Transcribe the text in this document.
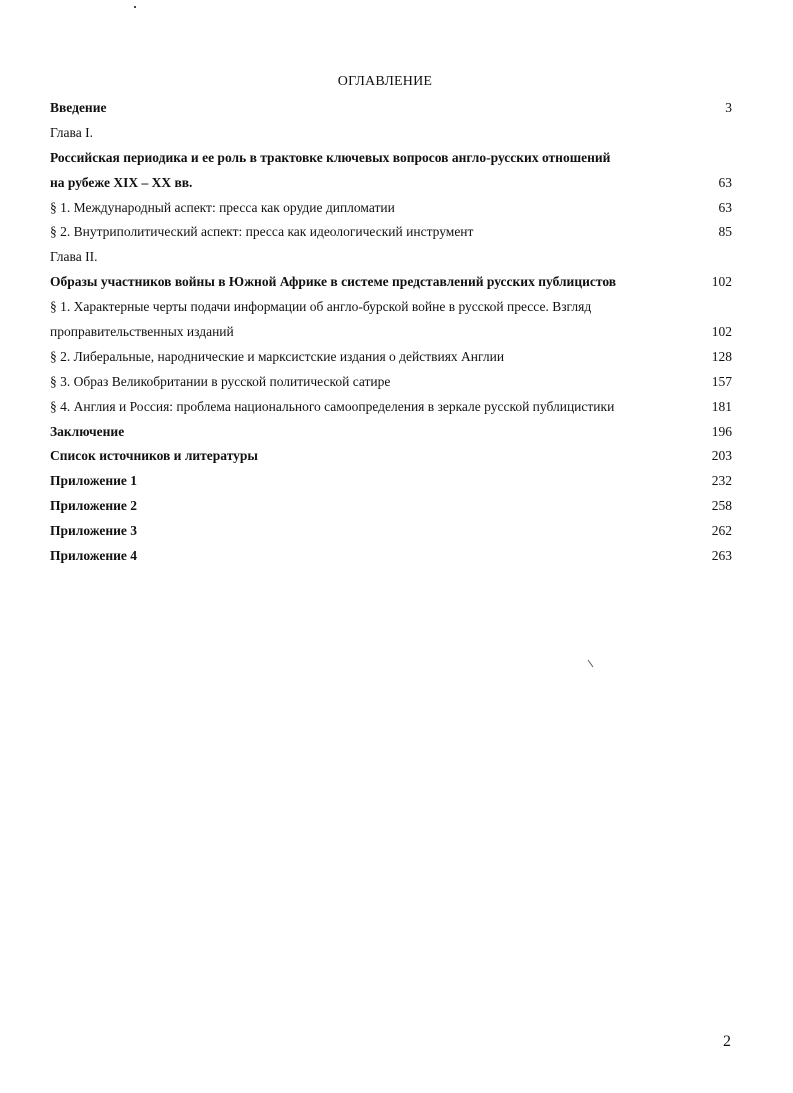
ОГЛАВЛЕНИЕ
Введение	3
Глава I.
Российская периодика и ее роль в трактовке ключевых вопросов англо-русских отношений
на рубеже XIX – XX вв.	63
§ 1. Международный аспект: пресса как орудие дипломатии	63
§ 2. Внутриполитический аспект: пресса как идеологический инструмент	85
Глава II.
Образы участников войны в Южной Африке в системе представлений русских публицистов	102
§ 1. Характерные черты подачи информации об англо-бурской войне в русской прессе. Взгляд
проправительственных изданий	102
§ 2. Либеральные, народнические и марксистские издания о действиях Англии	128
§ 3. Образ Великобритании в русской политической сатире	157
§ 4. Англия и Россия: проблема национального самоопределения в зеркале русской публицистики	181
Заключение	196
Список источников и литературы	203
Приложение 1	232
Приложение 2	258
Приложение 3	262
Приложение 4	263
2
